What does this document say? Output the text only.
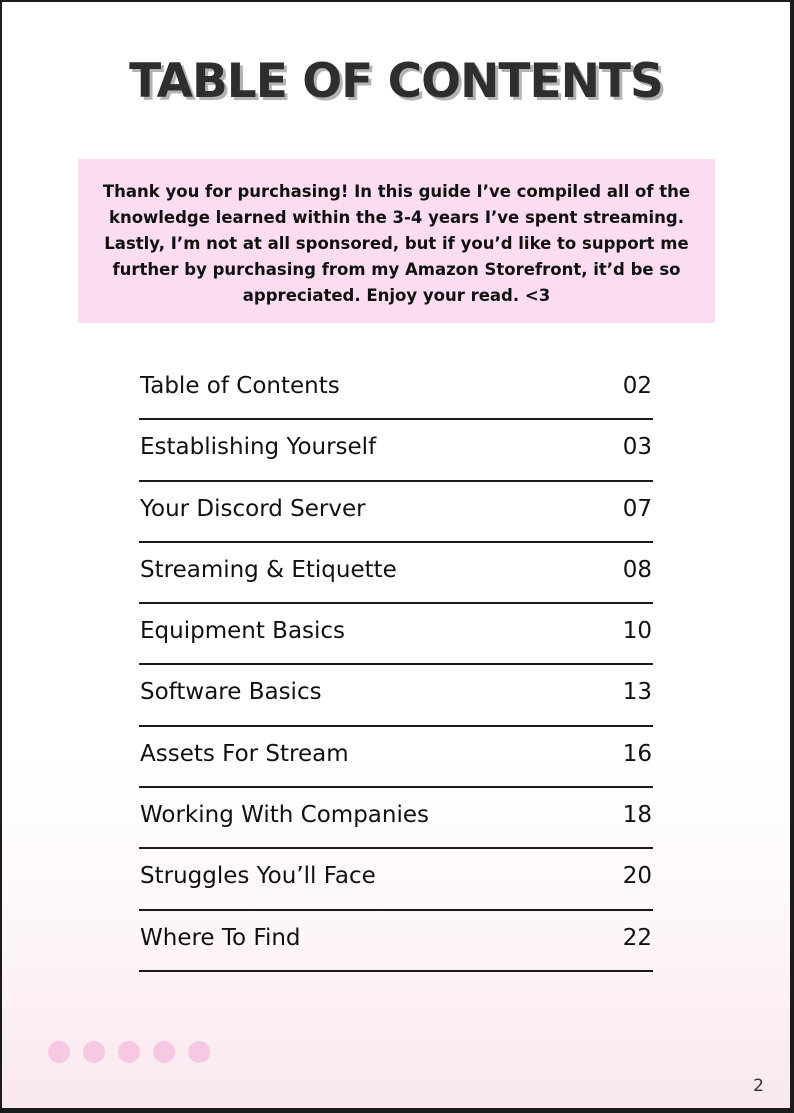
TABLE OF CONTENTS
Thank you for purchasing! In this guide I’ve compiled all of the knowledge learned within the 3-4 years I’ve spent streaming. Lastly, I’m not at all sponsored, but if you’d like to support me further by purchasing from my Amazon Storefront, it’d be so appreciated. Enjoy your read. <3
Table of Contents	02
Establishing Yourself	03
Your Discord Server	07
Streaming & Etiquette	08
Equipment Basics	10
Software Basics	13
Assets For Stream	16
Working With Companies	18
Struggles You’ll Face	20
Where To Find	22
2
